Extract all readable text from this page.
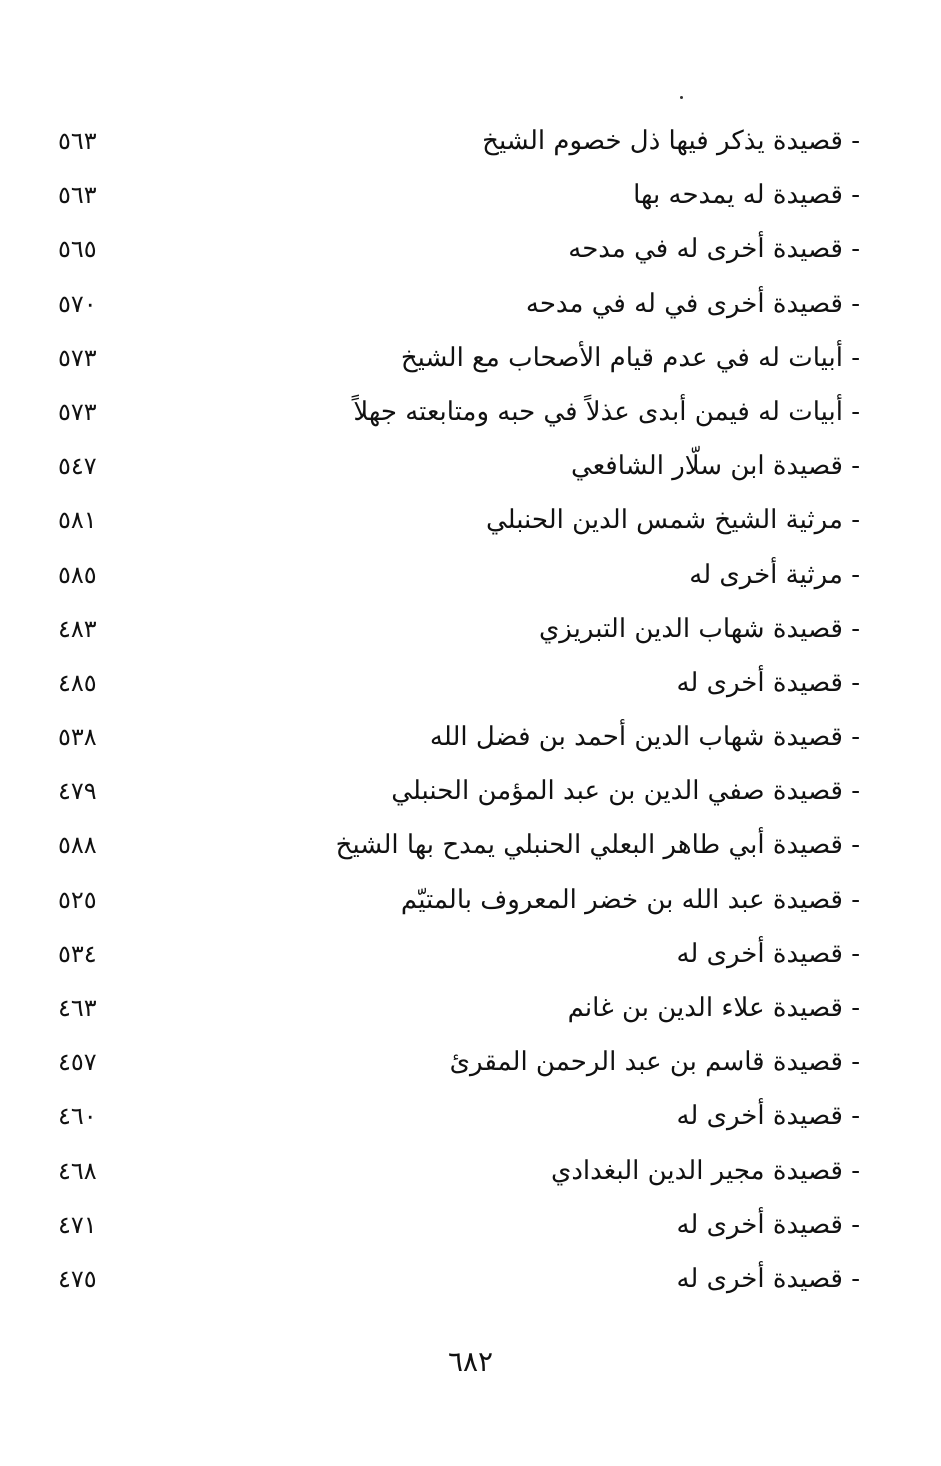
- قصيدة يذكر فيها ذل خصوم الشيخ
٥٦٣
- قصيدة له يمدحه بها
٥٦٣
- قصيدة أخرى له في مدحه
٥٦٥
- قصيدة أخرى في له في مدحه
٥٧٠
- أبيات له في عدم قيام الأصحاب مع الشيخ
٥٧٣
- أبيات له فيمن أبدى عذلاً في حبه ومتابعته جهلاً
٥٧٣
- قصيدة ابن سلّار الشافعي
٥٤٧
- مرثية الشيخ شمس الدين الحنبلي
٥٨١
- مرثية أخرى له
٥٨٥
- قصيدة شهاب الدين التبريزي
٤٨٣
- قصيدة أخرى له
٤٨٥
- قصيدة شهاب الدين أحمد بن فضل الله
٥٣٨
- قصيدة صفي الدين بن عبد المؤمن الحنبلي
٤٧٩
- قصيدة أبي طاهر البعلي الحنبلي يمدح بها الشيخ
٥٨٨
- قصيدة عبد الله بن خضر المعروف بالمتيّم
٥٢٥
- قصيدة أخرى له
٥٣٤
- قصيدة علاء الدين بن غانم
٤٦٣
- قصيدة قاسم بن عبد الرحمن المقرئ
٤٥٧
- قصيدة أخرى له
٤٦٠
- قصيدة مجير الدين البغدادي
٤٦٨
- قصيدة أخرى له
٤٧١
- قصيدة أخرى له
٤٧٥
٦٨٢
